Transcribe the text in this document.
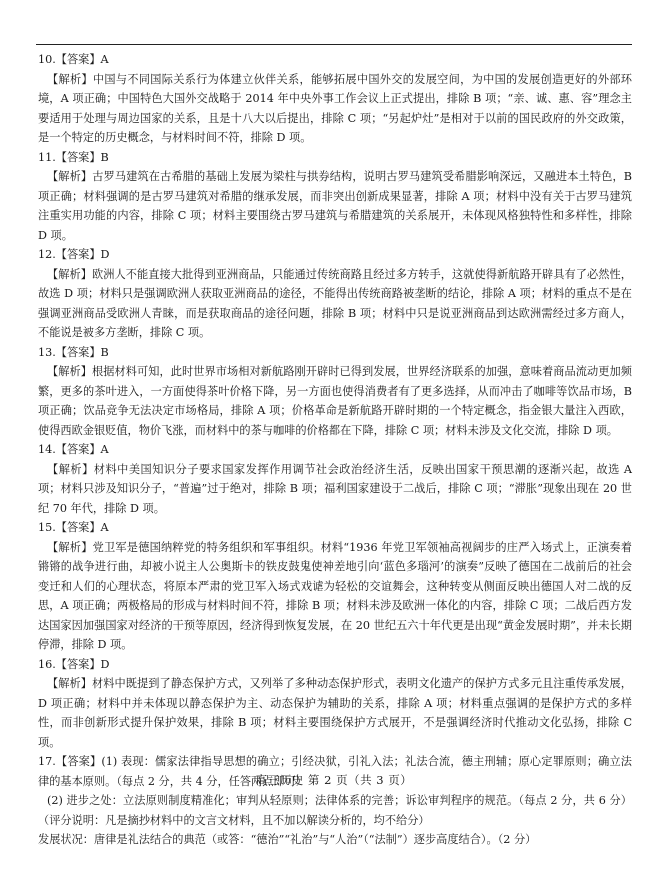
10.【答案】A

【解析】中国与不同国际关系行为体建立伙伴关系，能够拓展中国外交的发展空间，为中国的发展创造更好的外部环境，A 项正确；中国特色大国外交战略于 2014 年中央外事工作会议上正式提出，排除 B 项；“亲、诚、惠、容”理念主要适用于处理与周边国家的关系，且是十八大以后提出，排除 C 项；“另起炉灶”是相对于以前的国民政府的外交政策，是一个特定的历史概念，与材料时间不符，排除 D 项。

11.【答案】B

【解析】古罗马建筑在古希腊的基础上发展为梁柱与拱券结构，说明古罗马建筑受希腊影响深远，又融进本土特色，B 项正确；材料强调的是古罗马建筑对希腊的继承发展，而非突出创新成果显著，排除 A 项；材料中没有关于古罗马建筑注重实用功能的内容，排除 C 项；材料主要围绕古罗马建筑与希腊建筑的关系展开，未体现风格独特性和多样性，排除 D 项。

12.【答案】D

【解析】欧洲人不能直接大批得到亚洲商品，只能通过传统商路且经过多方转手，这就使得新航路开辟具有了必然性，故选 D 项；材料只是强调欧洲人获取亚洲商品的途径，不能得出传统商路被垄断的结论，排除 A 项；材料的重点不是在强调亚洲商品受欧洲人青睐，而是获取商品的途径问题，排除 B 项；材料中只是说亚洲商品到达欧洲需经过多方商人，不能说是被多方垄断，排除 C 项。

13.【答案】B

【解析】根据材料可知，此时世界市场相对新航路刚开辟时已得到发展，世界经济联系的加强，意味着商品流动更加频繁，更多的茶叶进入，一方面使得茶叶价格下降，另一方面也使得消费者有了更多选择，从而冲击了咖啡等饮品市场，B 项正确；饮品竞争无法决定市场格局，排除 A 项；价格革命是新航路开辟时期的一个特定概念，指金银大量注入西欧，使得西欧金银贬值，物价飞涨，而材料中的茶与咖啡的价格都在下降，排除 C 项；材料未涉及文化交流，排除 D 项。

14.【答案】A

【解析】材料中美国知识分子要求国家发挥作用调节社会政治经济生活，反映出国家干预思潮的逐渐兴起，故选 A 项；材料只涉及知识分子，“普遍”过于绝对，排除 B 项；福利国家建设于二战后，排除 C 项；“滞胀”现象出现在 20 世纪 70 年代，排除 D 项。

15.【答案】A

【解析】党卫军是德国纳粹党的特务组织和军事组织。材料“1936 年党卫军领袖高视阔步的庄严入场式上，正演奏着锵锵的战争进行曲，却被小说主人公奥斯卡的铁皮鼓鬼使神差地引向‘蓝色多瑙河’的演奏”反映了德国在二战前后的社会变迁和人们的心理状态，将原本严肃的党卫军入场式戏谑为轻松的交谊舞会，这种转变从侧面反映出德国人对二战的反思，A 项正确；两极格局的形成与材料时间不符，排除 B 项；材料未涉及欧洲一体化的内容，排除 C 项；二战后西方发达国家因加强国家对经济的干预等原因，经济得到恢复发展，在 20 世纪五六十年代更是出现“黄金发展时期”，并未长期停滞，排除 D 项。

16.【答案】D

【解析】材料中既提到了静态保护方式，又列举了多种动态保护形式，表明文化遗产的保护方式多元且注重传承发展，D 项正确；材料中并未体现以静态保护为主、动态保护为辅助的关系，排除 A 项；材料重点强调的是保护方式的多样性，而非创新形式提升保护效果，排除 B 项；材料主要围绕保护方式展开，不是强调经济时代推动文化弘扬，排除 C 项。

17.【答案】(1) 表现：儒家法律指导思想的确立；引经决狱，引礼入法；礼法合流，德主刑辅；原心定罪原则；确立法律的基本原则。（每点 2 分，共 4 分，任答两点即可）

(2) 进步之处：立法原则制度精准化；审判从轻原则；法律体系的完善；诉讼审判程序的规范。（每点 2 分，共 6 分）（评分说明：凡是摘抄材料中的文言文材料，且不加以解读分析的，均不给分）

发展状况：唐律是礼法结合的典范（或答：“德治”“礼治”与“人治”（“法制”）逐步高度结合）。（2 分）

高三历史 第 2 页（共 3 页）
